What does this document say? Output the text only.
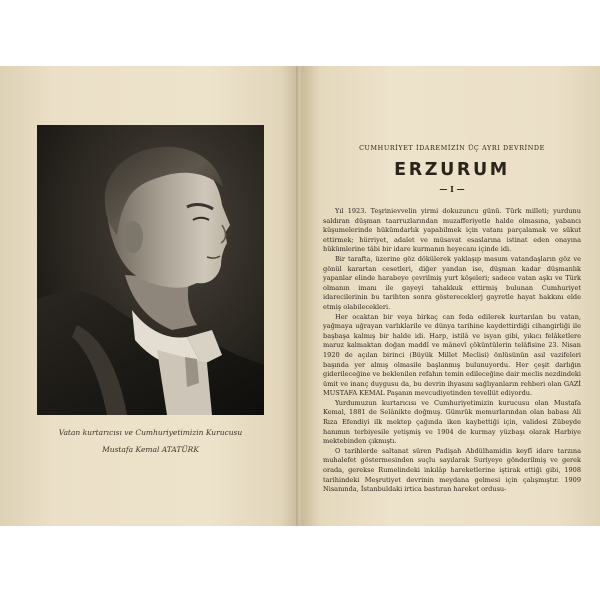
Vatan kurtarıcısı ve Cumhuriyetimizin Kurucusu
Mustafa Kemal ATATÜRK
CUMHURİYET İDAREMİZİN ÜÇ AYRI DEVRİNDE
ERZURUM
— I —

Yıl 1923. Teşrinievvelin yirmi dokuzuncu günü. Türk milleti; yurdunu saldıran düşman taarruzlarından muzafferiyetle halde olmasına, yabancı küşumelerinde hükümdarlık yapabilmek için vatanı parçalamak ve sükut ettirmek; hürriyet, adalet ve müsavat esaslarına istinat eden onayına hükümlerine tâbi bir idare kurmanın heyecanı içinde idi.

Bir tarafta, üzerine göz dökülerek yaklaşıp masum vatandaşların göz ve gönül karartan cesetleri, diğer yandan ise, düşman kadar düşmanlık yapanlar elinde harabeye çevrilmiş yurt köşeleri; sadece vatan aşkı ve Türk olmanın imanı ile gayeyi tahakkuk ettirmiş bulunan Cumhuriyet idarecilerinin bu tarihten sonra göstereceklerj gayretle hayat hakkını elde etmiş olabilecekleri.

Her ocaktan bir veya birkaç can feda edilerek kurtarılan bu vatan, yağmaya uğrayan varlıklarile ve dünya tarihine kaydettirdiği cihangirliği ile başbaşa kalmış bir halde idi. Harp, istilâ ve isyan gibi, yıkıcı felâketlere maruz kalmaktan doğan maddî ve mânevî çöküntülerin telâfisine 23. Nisan 1920 de açılan birinci (Büyük Millet Meclisi) önlüsünün asıl vazifeleri başında yer almış olmasile başlanmış bulunuyordu. Her çeşit darlığın giderileceğine ve beklenilen refahın temin edileceğine dair meclis nezdindeki ümit ve inanç duygusu da, bu devrin ihyasını sağlıyanların rehberi olan GAZİ MUSTAFA KEMAL Paşanın mevcudiyetinden tevellüt ediyordu.

Yurdumuzun kurtarıcısı ve Cumhuriyetimizin kurucusu olan Mustafa Kemal, 1881 de Selânikte doğmuş. Gümrük memurlarından olan babası Ali Rıza Efendiyi ilk mektep çağında iken kaybettiği için, validesi Zübeyde hanımın terbiyesile yetişmiş ve 1904 de kurmay yüzbaşı olarak Harbiye mektebinden çıkmıştı.

O tarihlerde saltanat süren Padişah Abdülhamidin keyfî idare tarzına muhalefet göstermesinden suçlu sayılarak Suriyeye gönderilmiş ve gerek orada, gerekse Rumelindeki inkılâp hareketlerine iştirak ettiği gibi, 1908 tarihindeki Meşrutiyet devrinin meydana gelmesi için çalışmıştır. 1909 Nisanında, İstanbuldaki irtica bastıran hareket ordusu-
